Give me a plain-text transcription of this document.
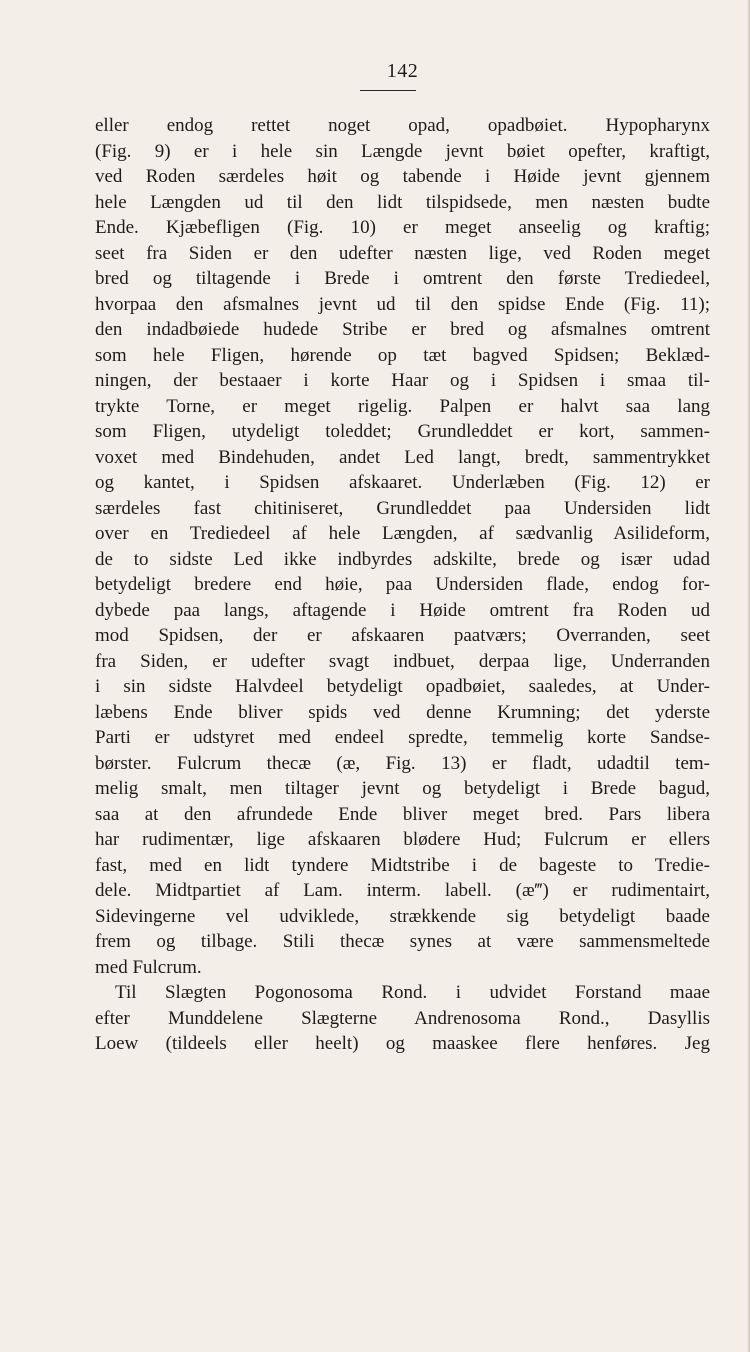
142
eller endog rettet noget opad, opadbøiet. Hypopharynx
(Fig. 9) er i hele sin Længde jevnt bøiet opefter, kraftigt,
ved Roden særdeles høit og tabende i Høide jevnt gjennem
hele Længden ud til den lidt tilspidsede, men næsten budte
Ende. Kjæbefligen (Fig. 10) er meget anseelig og kraftig;
seet fra Siden er den udefter næsten lige, ved Roden meget
bred og tiltagende i Brede i omtrent den første Trediedeel,
hvorpaa den afsmalnes jevnt ud til den spidse Ende (Fig. 11);
den indadbøiede hudede Stribe er bred og afsmalnes omtrent
som hele Fligen, hørende op tæt bagved Spidsen; Beklæd-
ningen, der bestaaer i korte Haar og i Spidsen i smaa til-
trykte Torne, er meget rigelig. Palpen er halvt saa lang
som Fligen, utydeligt toleddet; Grundleddet er kort, sammen-
voxet med Bindehuden, andet Led langt, bredt, sammentrykket
og kantet, i Spidsen afskaaret. Underlæben (Fig. 12) er
særdeles fast chitiniseret, Grundleddet paa Undersiden lidt
over en Trediedeel af hele Længden, af sædvanlig Asilideform,
de to sidste Led ikke indbyrdes adskilte, brede og især udad
betydeligt bredere end høie, paa Undersiden flade, endog for-
dybede paa langs, aftagende i Høide omtrent fra Roden ud
mod Spidsen, der er afskaaren paatværs; Overranden, seet
fra Siden, er udefter svagt indbuet, derpaa lige, Underranden
i sin sidste Halvdeel betydeligt opadbøiet, saaledes, at Under-
læbens Ende bliver spids ved denne Krumning; det yderste
Parti er udstyret med endeel spredte, temmelig korte Sandse-
børster. Fulcrum thecæ (æ, Fig. 13) er fladt, udadtil tem-
melig smalt, men tiltager jevnt og betydeligt i Brede bagud,
saa at den afrundede Ende bliver meget bred. Pars libera
har rudimentær, lige afskaaren blødere Hud; Fulcrum er ellers
fast, med en lidt tyndere Midtstribe i de bageste to Tredie-
dele. Midtpartiet af Lam. interm. labell. (æ‴) er rudimentairt,
Sidevingerne vel udviklede, strækkende sig betydeligt baade
frem og tilbage. Stili thecæ synes at være sammensmeltede
med Fulcrum.
Til Slægten Pogonosoma Rond. i udvidet Forstand maae
efter Munddelene Slægterne Andrenosoma Rond., Dasyllis
Loew (tildeels eller heelt) og maaskee flere henføres. Jeg
